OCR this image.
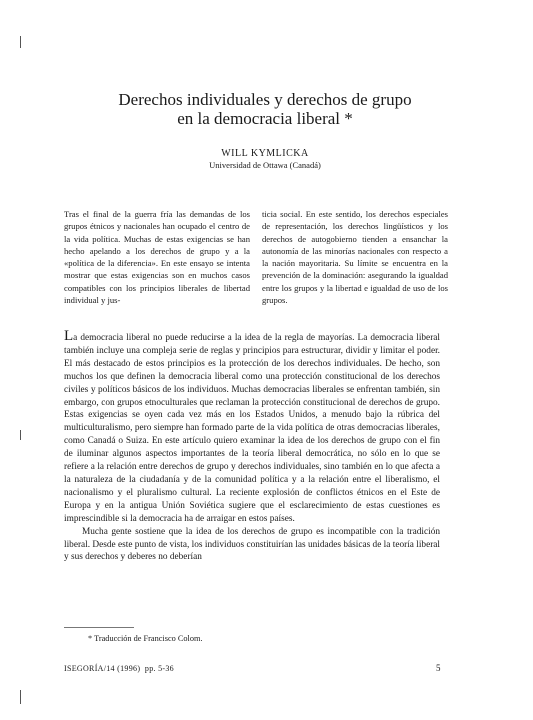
Derechos individuales y derechos de grupo
en la democracia liberal *
WILL KYMLICKA
Universidad de Ottawa (Canadá)
Tras el final de la guerra fría las demandas de los grupos étnicos y nacionales han ocupado el centro de la vida política. Muchas de estas exigencias se han hecho apelando a los derechos de grupo y a la «política de la diferencia». En este ensayo se intenta mostrar que estas exigencias son en muchos casos compatibles con los principios liberales de libertad individual y jus-
ticia social. En este sentido, los derechos especiales de representación, los derechos lingüísticos y los derechos de autogobierno tienden a ensanchar la autonomía de las minorías nacionales con respecto a la nación mayoritaria. Su límite se encuentra en la prevención de la dominación: asegurando la igualdad entre los grupos y la libertad e igualdad de uso de los grupos.

La democracia liberal no puede reducirse a la idea de la regla de mayorías. La democracia liberal también incluye una compleja serie de reglas y principios para estructurar, dividir y limitar el poder. El más destacado de estos principios es la protección de los derechos individuales. De hecho, son muchos los que definen la democracia liberal como una protección constitucional de los derechos civiles y políticos básicos de los individuos. Muchas democracias liberales se enfrentan también, sin embargo, con grupos etnoculturales que reclaman la protección constitucional de derechos de grupo. Estas exigencias se oyen cada vez más en los Estados Unidos, a menudo bajo la rúbrica del multiculturalismo, pero siempre han formado parte de la vida política de otras democracias liberales, como Canadá o Suiza. En este artículo quiero examinar la idea de los derechos de grupo con el fin de iluminar algunos aspectos importantes de la teoría liberal democrática, no sólo en lo que se refiere a la relación entre derechos de grupo y derechos individuales, sino también en lo que afecta a la naturaleza de la ciudadanía y de la comunidad política y a la relación entre el liberalismo, el nacionalismo y el pluralismo cultural. La reciente explosión de conflictos étnicos en el Este de Europa y en la antigua Unión Soviética sugiere que el esclarecimiento de estas cuestiones es imprescindible si la democracia ha de arraigar en estos países.

Mucha gente sostiene que la idea de los derechos de grupo es incompatible con la tradición liberal. Desde este punto de vista, los individuos constituirían las unidades básicas de la teoría liberal y sus derechos y deberes no deberían

* Traducción de Francisco Colom.
ISEGORÍA/14 (1996) pp. 5-36	5
